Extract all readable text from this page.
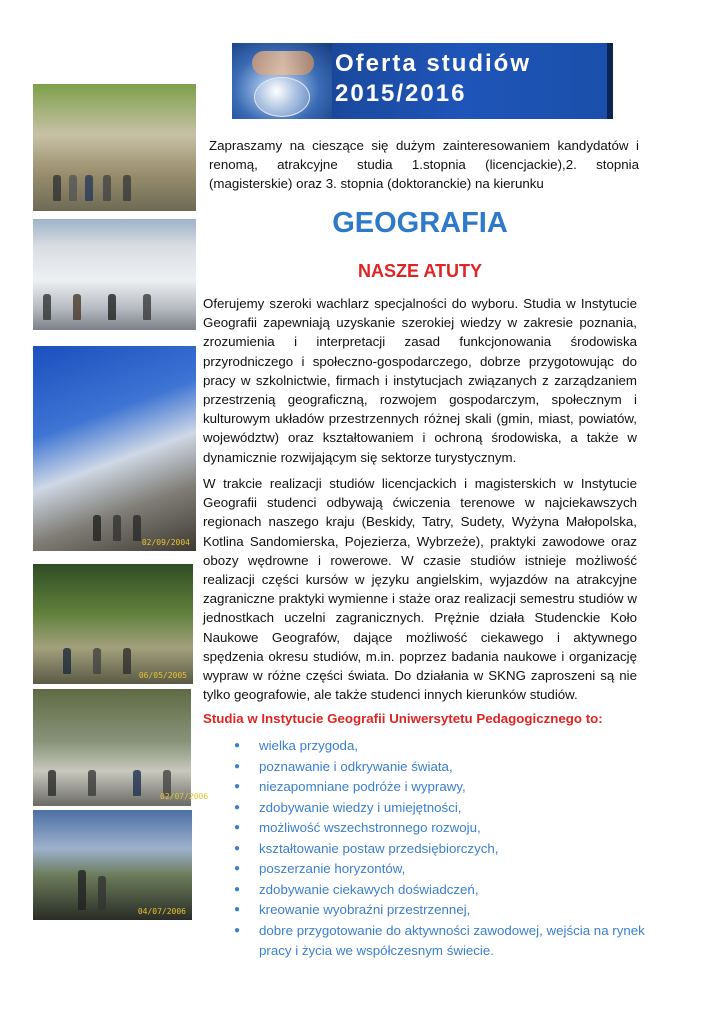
Oferta studiów
2015/2016
02/09/2004
06/05/2005
04/07/2006
Zapraszamy na cieszące się dużym zainteresowaniem kandydatów i renomą, atrakcyjne studia 1.stopnia (licencjackie),2. stopnia (magisterskie) oraz 3. stopnia (doktoranckie) na kierunku
GEOGRAFIA
NASZE ATUTY
Oferujemy szeroki wachlarz specjalności do wyboru. Studia w Instytucie Geografii zapewniają uzyskanie szerokiej wiedzy w zakresie poznania, zrozumienia i interpretacji zasad funkcjonowania środowiska przyrodniczego i społeczno-gospodarczego, dobrze przygotowując do pracy w szkolnictwie, firmach i instytucjach związanych z zarządzaniem przestrzenią geograficzną, rozwojem gospodarczym, społecznym i kulturowym układów przestrzennych różnej skali (gmin, miast, powiatów, województw) oraz kształtowaniem i ochroną środowiska, a także w dynamicznie rozwijającym się sektorze turystycznym.
W trakcie realizacji studiów licencjackich i magisterskich w Instytucie Geografii studenci odbywają ćwiczenia terenowe w najciekawszych regionach naszego kraju (Beskidy, Tatry, Sudety, Wyżyna Małopolska, Kotlina Sandomierska, Pojezierza, Wybrzeże), praktyki zawodowe oraz obozy wędrowne i rowerowe. W czasie studiów istnieje możliwość realizacji części kursów w języku angielskim, wyjazdów na atrakcyjne zagraniczne praktyki wymienne i staże oraz realizacji semestru studiów w jednostkach uczelni zagranicznych. Prężnie działa Studenckie Koło Naukowe Geografów, dające możliwość ciekawego i aktywnego spędzenia okresu studiów, m.in. poprzez badania naukowe i organizację wypraw w różne części świata. Do działania w SKNG zaproszeni są nie tylko geografowie, ale także studenci innych kierunków studiów.
Studia w Instytucie Geografii Uniwersytetu Pedagogicznego to:
● wielka przygoda,
● poznawanie i odkrywanie świata,
● niezapomniane podróże i wyprawy,
● zdobywanie wiedzy i umiejętności,
● możliwość wszechstronnego rozwoju,
● kształtowanie postaw przedsiębiorczych,
● poszerzanie horyzontów,
● zdobywanie ciekawych doświadczeń,
● kreowanie wyobraźni przestrzennej,
● dobre przygotowanie do aktywności zawodowej, wejścia na rynek pracy i życia we współczesnym świecie.
02/07/2006
